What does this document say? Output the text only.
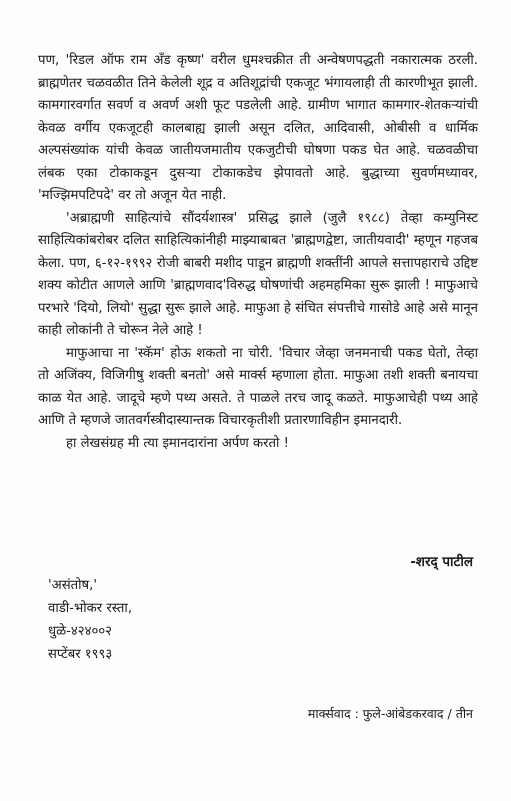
पण, 'रिडल ऑफ राम अँड कृष्ण' वरील धुमश्चक्रीत ती अन्वेषणपद्धती नकारात्मक ठरली. ब्राह्मणेतर चळवळीत तिने केलेली शूद्र व अतिशूद्रांची एकजूट भंगायलाही ती कारणीभूत झाली. कामगारवर्गात सवर्ण व अवर्ण अशी फूट पडलेली आहे. ग्रामीण भागात कामगार-शेतकऱ्यांची केवळ वर्गीय एकजूटही कालबाह्य झाली असून दलित, आदिवासी, ओबीसी व धार्मिक अल्पसंख्यांक यांची केवळ जातीयजमातीय एकजुटीची घोषणा पकड घेत आहे. चळवळीचा लंबक एका टोकाकडून दुसऱ्या टोकाकडेच झेपावतो आहे. बुद्धाच्या सुवर्णमध्यावर, 'मज्झिमपटिपदे' वर तो अजून येत नाही.

'अब्राह्मणी साहित्यांचे सौंदर्यशास्त्र' प्रसिद्ध झाले (जुलै १९८८) तेव्हा कम्युनिस्ट साहित्यिकांबरोबर दलित साहित्यिकांनीही माझ्याबाबत 'ब्राह्मणद्वेष्टा, जातीयवादी' म्हणून गहजब केला. पण, ६-१२-१९९२ रोजी बाबरी मशीद पाडून ब्राह्मणी शक्तींनी आपले सत्तापहाराचे उद्दिष्ट शक्य कोटीत आणले आणि 'ब्राह्मणवाद'विरुद्ध घोषणांची अहमहमिका सुरू झाली ! माफुआचे परभारे 'दियो, लियो' सुद्धा सुरू झाले आहे. माफुआ हे संचित संपत्तीचे गासोडे आहे असे मानून काही लोकांनी ते चोरून नेले आहे !

माफुआचा ना 'स्कॅम' होऊ शकतो ना चोरी. 'विचार जेव्हा जनमनाची पकड घेतो, तेव्हा तो अजिंक्य, विजिगीषु शक्ती बनतो' असे मार्क्स म्हणाला होता. माफुआ तशी शक्ती बनायचा काळ येत आहे. जादूचे म्हणे पथ्य असते. ते पाळले तरच जादू कळते. माफुआचेही पथ्य आहे आणि ते म्हणजे जातवर्गस्त्रीदास्यान्तक विचारकृतीशी प्रतारणाविहीन इमानदारी.

हा लेखसंग्रह मी त्या इमानदारांना अर्पण करतो !

-शरद् पाटील
'असंतोष,'
वाडी-भोकर रस्ता,
धुळे-४२४००२
सप्टेंबर १९९३
मार्क्सवाद : फुले-आंबेडकरवाद / तीन
